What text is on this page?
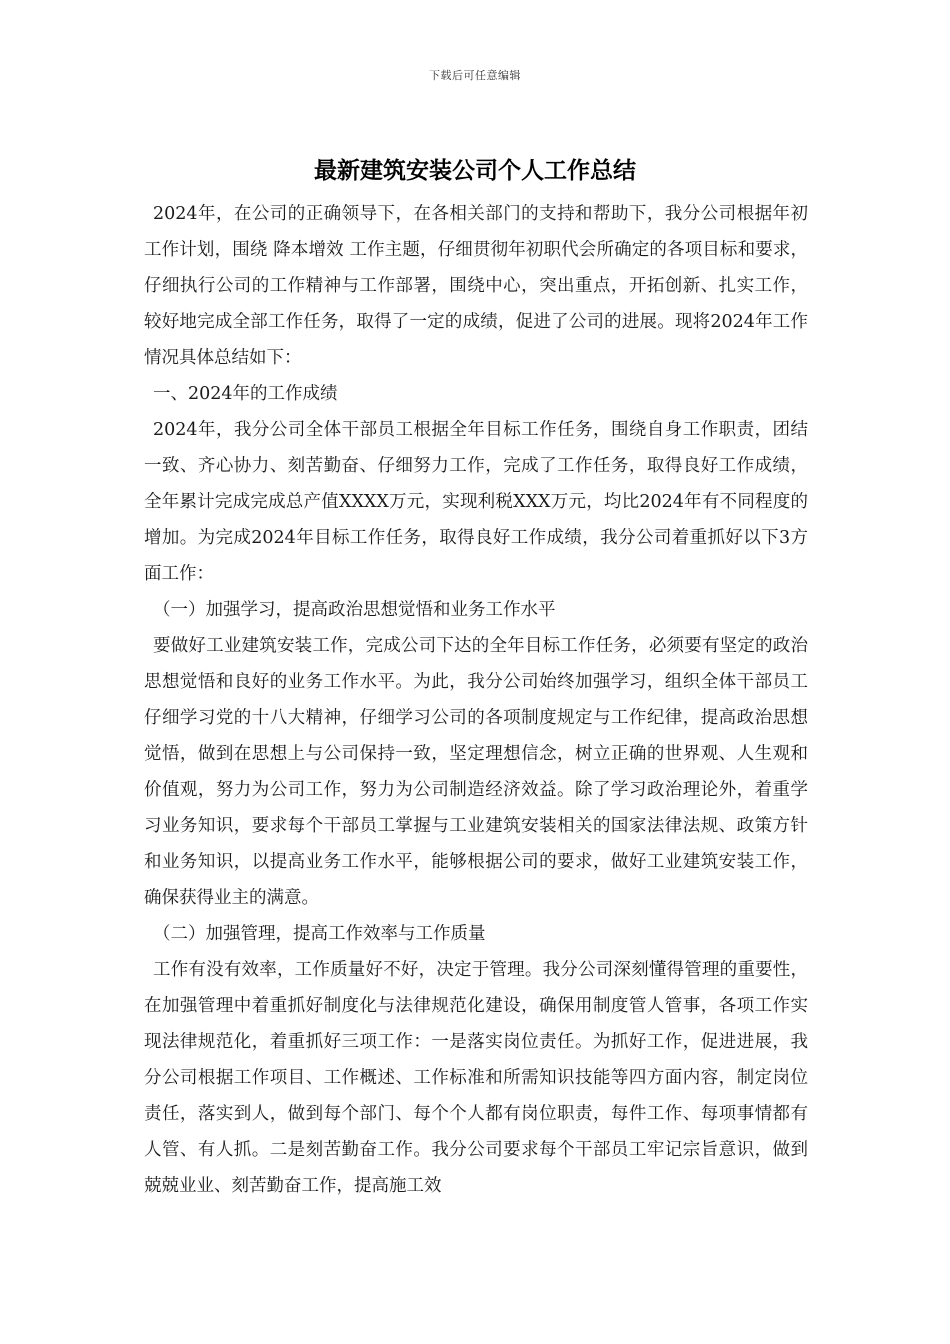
下载后可任意编辑
最新建筑安装公司个人工作总结

2024年，在公司的正确领导下，在各相关部门的支持和帮助下，我分公司根据年初工作计划，围绕 降本增效 工作主题，仔细贯彻年初职代会所确定的各项目标和要求，仔细执行公司的工作精神与工作部署，围绕中心，突出重点，开拓创新、扎实工作，较好地完成全部工作任务，取得了一定的成绩，促进了公司的进展。现将2024年工作情况具体总结如下：

一、2024年的工作成绩

2024年，我分公司全体干部员工根据全年目标工作任务，围绕自身工作职责，团结一致、齐心协力、刻苦勤奋、仔细努力工作，完成了工作任务，取得良好工作成绩，全年累计完成完成总产值XXXX万元，实现利税XXX万元，均比2024年有不同程度的增加。为完成2024年目标工作任务，取得良好工作成绩，我分公司着重抓好以下3方面工作：

（一）加强学习，提高政治思想觉悟和业务工作水平

要做好工业建筑安装工作，完成公司下达的全年目标工作任务，必须要有坚定的政治思想觉悟和良好的业务工作水平。为此，我分公司始终加强学习，组织全体干部员工仔细学习党的十八大精神，仔细学习公司的各项制度规定与工作纪律，提高政治思想觉悟，做到在思想上与公司保持一致，坚定理想信念，树立正确的世界观、人生观和价值观，努力为公司工作，努力为公司制造经济效益。除了学习政治理论外，着重学习业务知识，要求每个干部员工掌握与工业建筑安装相关的国家法律法规、政策方针和业务知识，以提高业务工作水平，能够根据公司的要求，做好工业建筑安装工作，确保获得业主的满意。

（二）加强管理，提高工作效率与工作质量

工作有没有效率，工作质量好不好，决定于管理。我分公司深刻懂得管理的重要性，在加强管理中着重抓好制度化与法律规范化建设，确保用制度管人管事，各项工作实现法律规范化，着重抓好三项工作：一是落实岗位责任。为抓好工作，促进进展，我分公司根据工作项目、工作概述、工作标准和所需知识技能等四方面内容，制定岗位责任，落实到人，做到每个部门、每个个人都有岗位职责，每件工作、每项事情都有人管、有人抓。二是刻苦勤奋工作。我分公司要求每个干部员工牢记宗旨意识，做到兢兢业业、刻苦勤奋工作，提高施工效
